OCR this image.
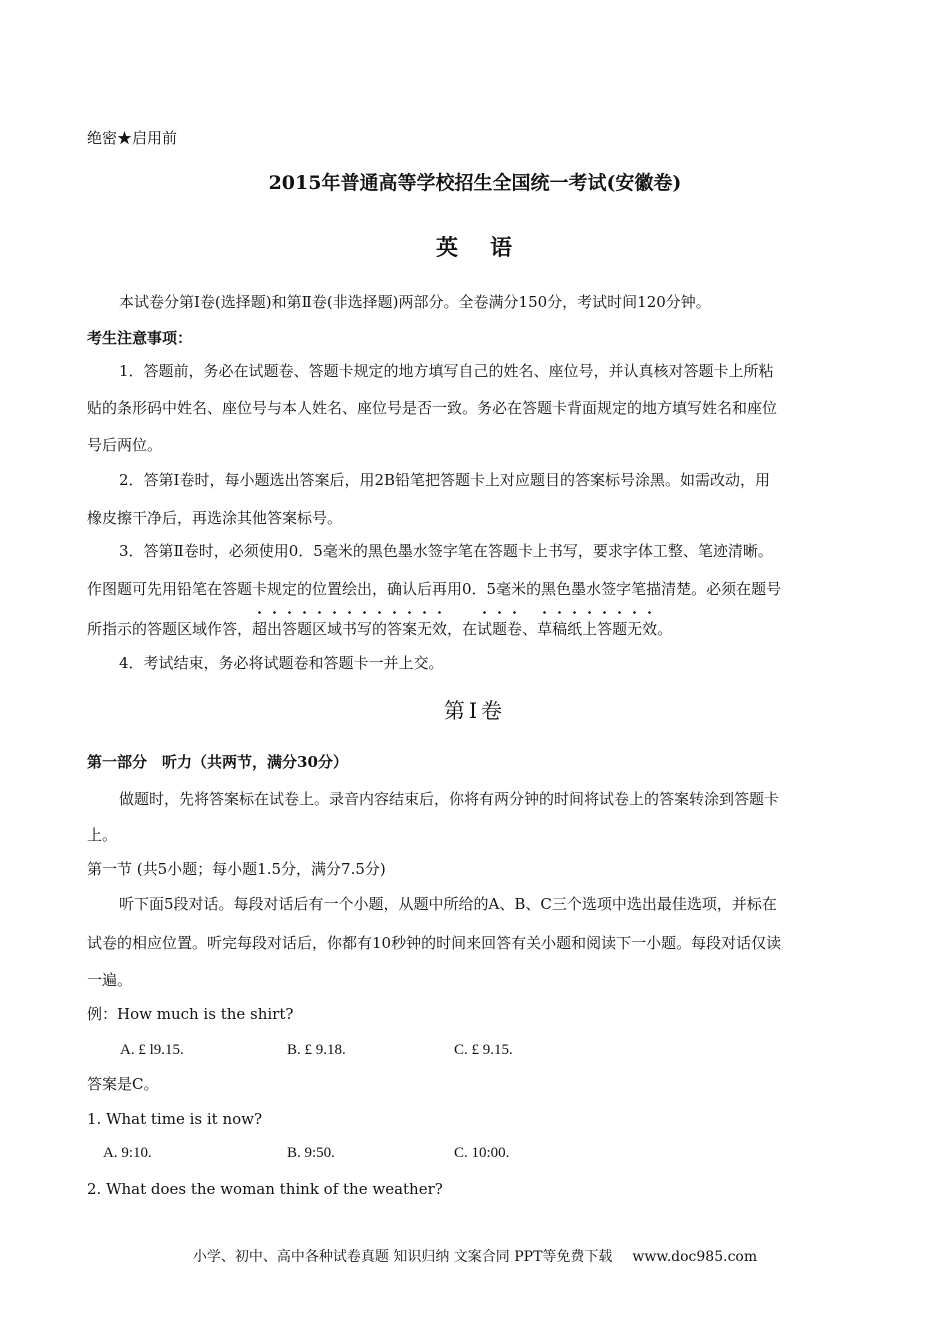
绝密★启用前
2015年普通高等学校招生全国统一考试(安徽卷)
英 语
本试卷分第Ⅰ卷(选择题)和第Ⅱ卷(非选择题)两部分。全卷满分150分，考试时间120分钟。
考生注意事项：
1．答题前，务必在试题卷、答题卡规定的地方填写自己的姓名、座位号，并认真核对答题卡上所粘
贴的条形码中姓名、座位号与本人姓名、座位号是否一致。务必在答题卡背面规定的地方填写姓名和座位
号后两位。
2．答第Ⅰ卷时，每小题选出答案后，用2B铅笔把答题卡上对应题目的答案标号涂黑。如需改动，用
橡皮擦干净后，再选涂其他答案标号。
3．答第Ⅱ卷时，必须使用0．5毫米的黑色墨水签字笔在答题卡上书写，要求字体工整、笔迹清晰。
作图题可先用铅笔在答题卡规定的位置绘出，确认后再用0．5毫米的黑色墨水签字笔描清楚。必须在题号
所指示的答题区域作答，超出答题区域书写的答案无效，在试题卷、草稿纸上答题无效。
4．考试结束，务必将试题卷和答题卡一并上交。
第Ⅰ卷
第一部分　听力（共两节，满分30分）
做题时，先将答案标在试卷上。录音内容结束后，你将有两分钟的时间将试卷上的答案转涂到答题卡
上。
第一节 (共5小题；每小题1.5分，满分7.5分)
听下面5段对话。每段对话后有一个小题，从题中所给的A、B、C三个选项中选出最佳选项，并标在
试卷的相应位置。听完每段对话后，你都有10秒钟的时间来回答有关小题和阅读下一小题。每段对话仅读
一遍。
例：How much is the shirt?
A. £ l9.15.	B. £ 9.18.	C. £ 9.15.
答案是C。
1. What time is it now?
A. 9:10.	B. 9:50.	C. 10:00.
2. What does the woman think of the weather?
小学、初中、高中各种试卷真题 知识归纳 文案合同 PPT等免费下载 www.doc985.com
